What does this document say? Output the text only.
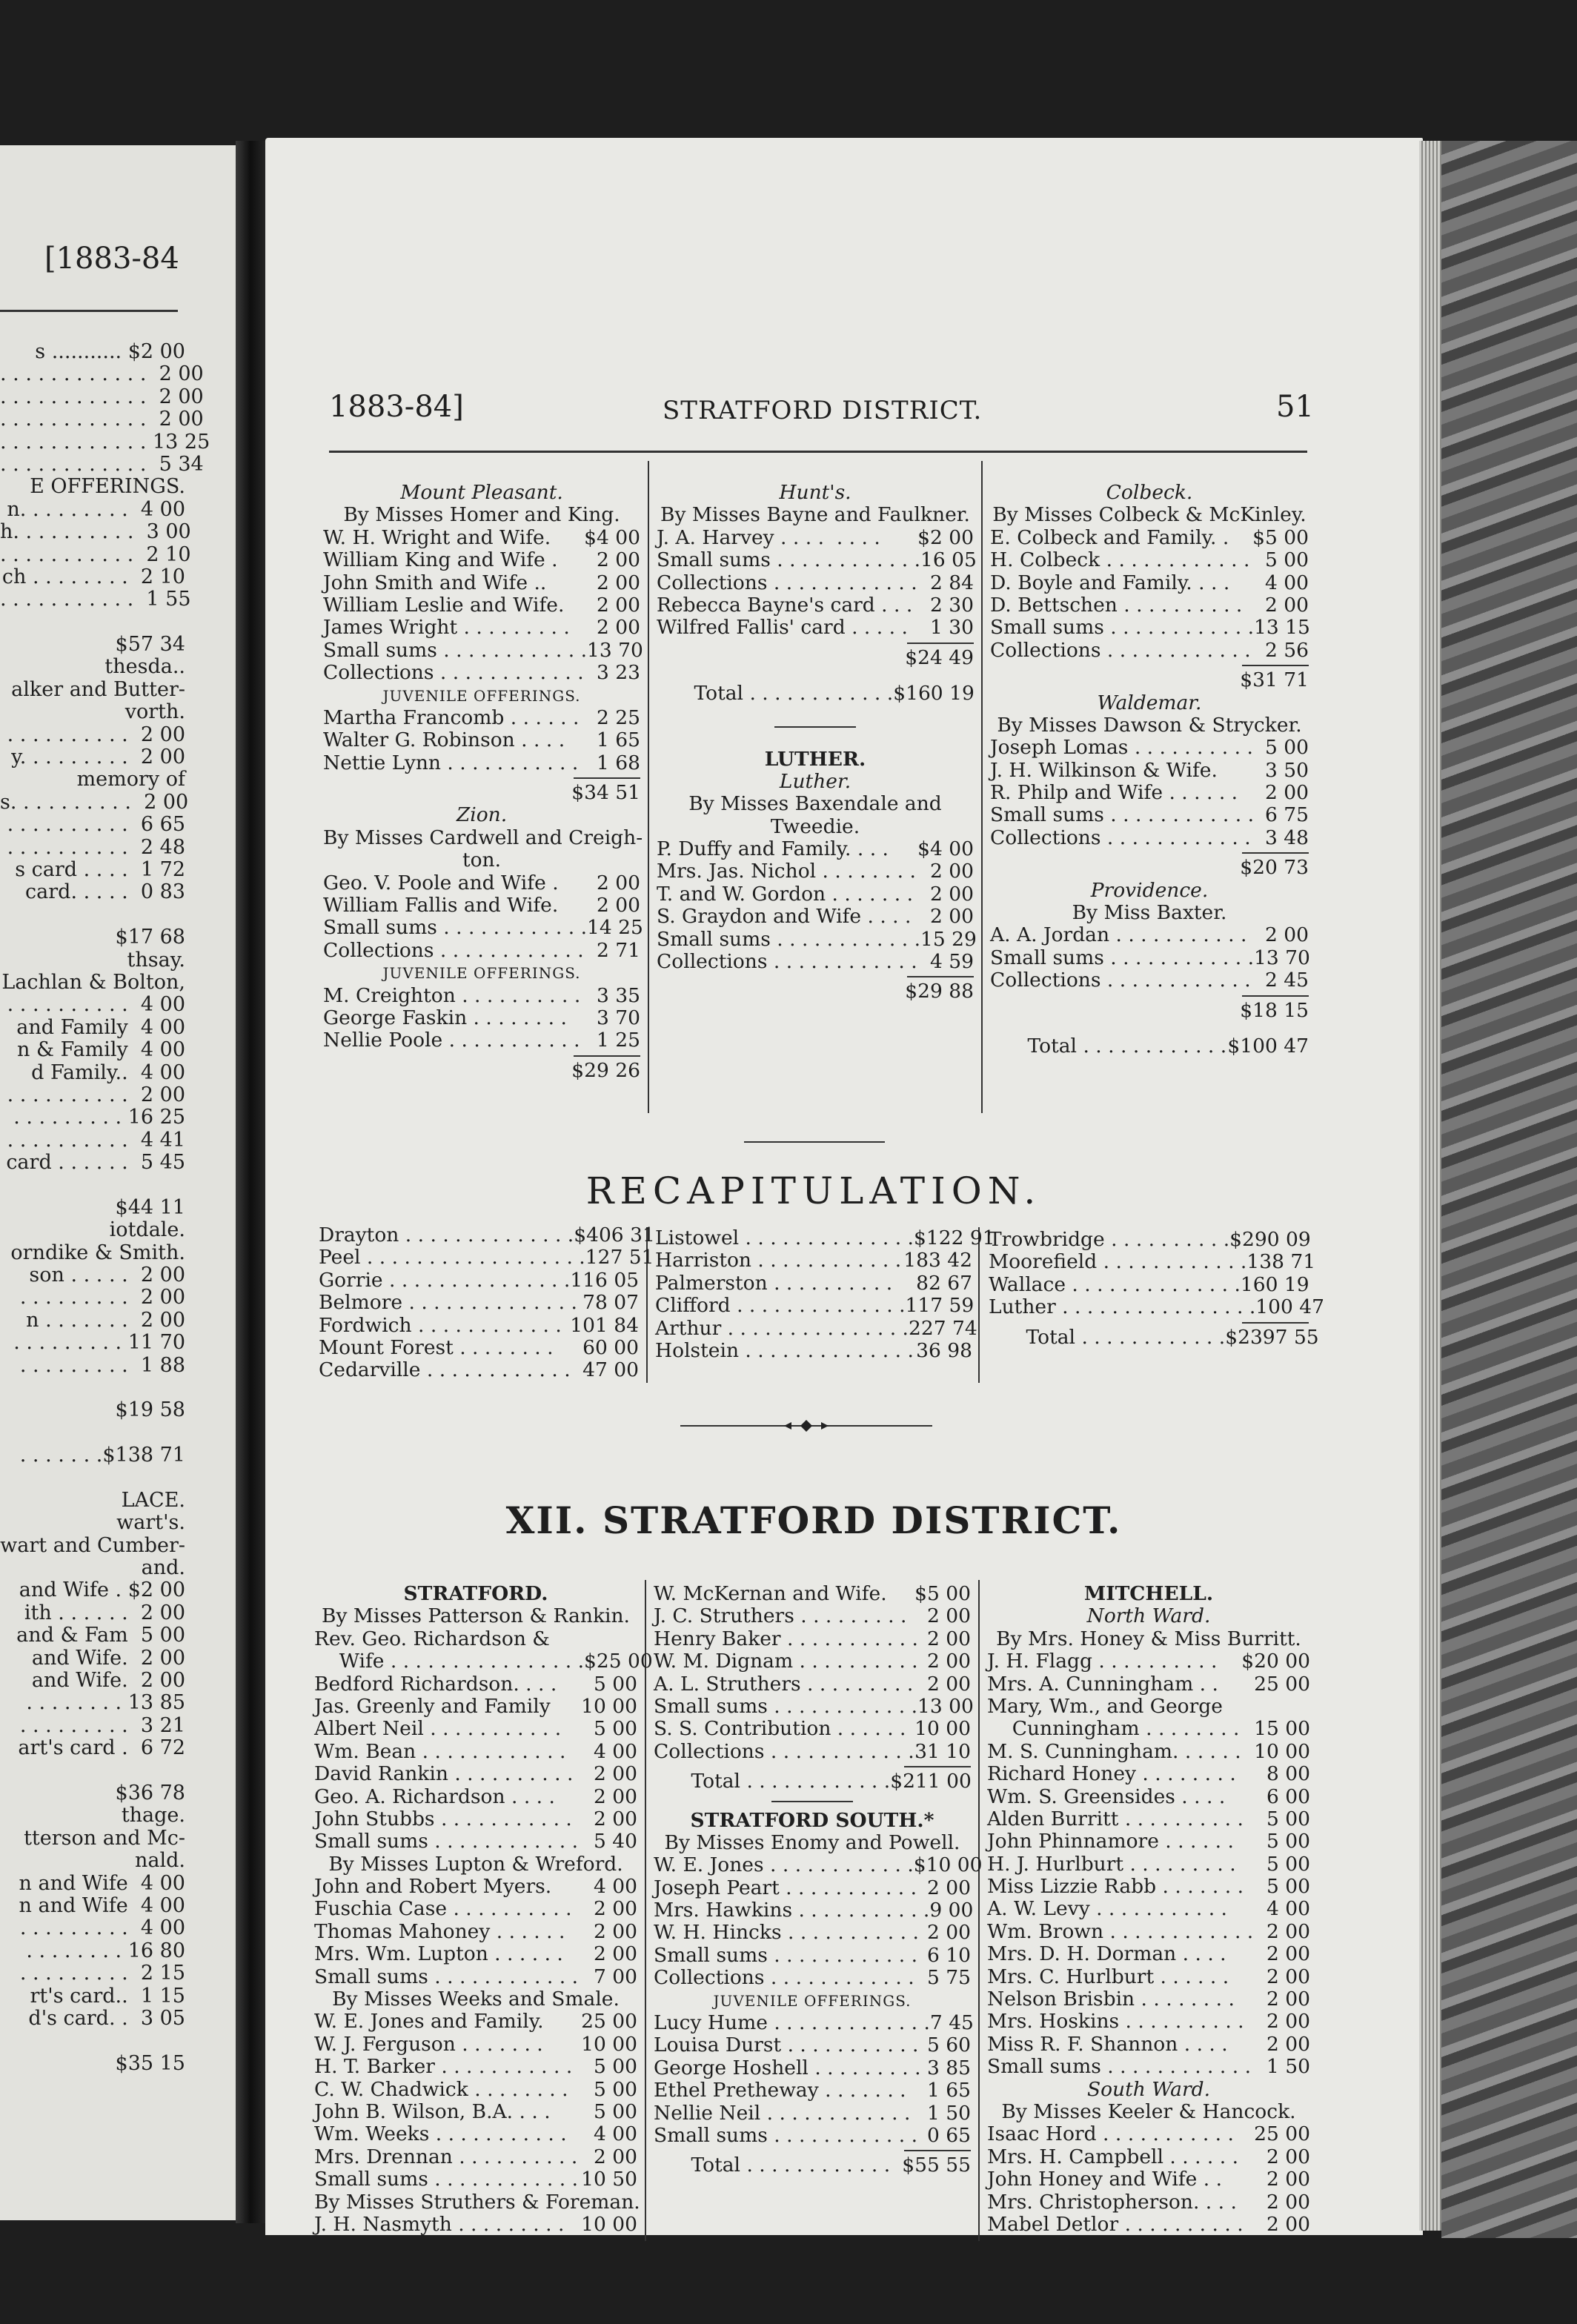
[1883-84
s ........... $2 00
. . . . . . . . . . . .  2 00
. . . . . . . . . . . .  2 00
. . . . . . . . . . . .  2 00
. . . . . . . . . . . . 13 25
. . . . . . . . . . . .  5 34
E OFFERINGS.
n. . . . . . . . .  4 00
h. . . . . . . . . .  3 00
. . . . . . . . . . .  2 10
ch . . . . . . . .  2 10
. . . . . . . . . . .  1 55
$57 34
thesda..
alker and Butter-
vorth.
. . . . . . . . . .  2 00
y. . . . . . . . .  2 00
memory of
s. . . . . . . . . .  2 00
. . . . . . . . . .  6 65
. . . . . . . . . .  2 48
s card . . . .  1 72
card. . . . .  0 83
$17 68
thsay.
Lachlan & Bolton,
. . . . . . . . . .  4 00
and Family  4 00
n & Family  4 00
d Family..  4 00
. . . . . . . . . .  2 00
. . . . . . . . . 16 25
. . . . . . . . . .  4 41
card . . . . . .  5 45
$44 11
iotdale.
orndike & Smith.
son . . . . .  2 00
. . . . . . . . .  2 00
n . . . . . . .  2 00
. . . . . . . . . 11 70
. . . . . . . . .  1 88
$19 58
. . . . . . .$138 71
LACE.
wart's.
wart and Cumber-
and.
and Wife . $2 00
ith . . . . . .  2 00
and & Fam  5 00
and Wife.  2 00
and Wife.  2 00
. . . . . . . . 13 85
. . . . . . . . .  3 21
art's card .  6 72
$36 78
thage.
tterson and Mc-
nald.
n and Wife  4 00
n and Wife  4 00
. . . . . . . . .  4 00
. . . . . . . . 16 80
. . . . . . . . .  2 15
rt's card..  1 15
d's card. .  3 05
$35 15
1883-84]	STRATFORD DISTRICT.	51
Mount Pleasant.
By Misses Homer and King.
W. H. Wright and Wife. $4 00
William King and Wife . 2 00
John Smith and Wife ..	2 00
William Leslie and Wife. 2 00
James Wright . . . . . . . . . 2 00
Small sums . . . . . . . . . . . . 13 70
Collections . . . . . . . . . . . . 3 23
JUVENILE OFFERINGS.
Martha Francomb . . . . . . 2 25
Walter G. Robinson . . . . 1 65
Nettie Lynn . . . . . . . . . . . 1 68
$34 51
Zion.
By Misses Cardwell and Creigh-
ton.
Geo. V. Poole and Wife . 2 00
William Fallis and Wife. 2 00
Small sums . . . . . . . . . . . . 14 25
Collections . . . . . . . . . . . . 2 71
JUVENILE OFFERINGS.
M. Creighton . . . . . . . . . . 3 35
George Faskin . . . . . . . . 3 70
Nellie Poole . . . . . . . . . . . 1 25
$29 26
Hunt's.
By Misses Bayne and Faulkner.
J. A. Harvey . . . .  . . . . $2 00
Small sums . . . . . . . . . . . . 16 05
Collections . . . . . . . . . . . . 2 84
Rebecca Bayne's card . . . 2 30
Wilfred Fallis' card . . . . . 1 30
$24 49
Total . . . . . . . . . . . . $160 19
LUTHER.
Luther.
By Misses Baxendale and
Tweedie.
P. Duffy and Family. . . . $4 00
Mrs. Jas. Nichol . . . . . . . . 2 00
T. and W. Gordon . . . . . . . 2 00
S. Graydon and Wife . . . . 2 00
Small sums . . . . . . . . . . . . 15 29
Collections . . . . . . . . . . . . 4 59
$29 88
Colbeck.
By Misses Colbeck & McKinley.
E. Colbeck and Family. . $5 00
H. Colbeck . . . . . . . . . . . . 5 00
D. Boyle and Family. . . . 4 00
D. Bettschen . . . . . . . . . . 2 00
Small sums . . . . . . . . . . . . 13 15
Collections . . . . . . . . . . . . 2 56
$31 71
Waldemar.
By Misses Dawson & Strycker.
Joseph Lomas . . . . . . . . . . 5 00
J. H. Wilkinson & Wife. 3 50
R. Philp and Wife . . . . . . 2 00
Small sums . . . . . . . . . . . . 6 75
Collections . . . . . . . . . . . . 3 48
$20 73
Providence.
By Miss Baxter.
A. A. Jordan . . . . . . . . . . . 2 00
Small sums . . . . . . . . . . . . 13 70
Collections . . . . . . . . . . . . 2 45
$18 15
Total . . . . . . . . . . . . $100 47
RECAPITULATION.
Drayton . . . . . . . . . . . . . . $406 31
Peel . . . . . . . . . . . . . . . . . . 127 51
Gorrie . . . . . . . . . . . . . . . 116 05
Belmore . . . . . . . . . . . . . . 78 07
Fordwich . . . . . . . . . . . . 101 84
Mount Forest . . . . . . . . 60 00
Cedarville . . . . . . . . . . . . 47 00
Listowel . . . . . . . . . . . . . . $122 91
Harriston . . . . . . . . . . . . 183 42
Palmerston . . . . . . . . . . 82 67
Clifford . . . . . . . . . . . . . . 117 59
Arthur . . . . . . . . . . . . . . . 227 74
Holstein . . . . . . . . . . . . . . 36 98
Trowbridge . . . . . . . . . . $290 09
Moorefield . . . . . . . . . . . . 138 71
Wallace . . . . . . . . . . . . . . 160 19
Luther . . . . . . . . . . . . . . . . 100 47
Total . . . . . . . . . . . . $2397 55
XII. STRATFORD DISTRICT.
STRATFORD.
By Misses Patterson & Rankin.
Rev. Geo. Richardson &
Wife . . . . . . . . . . . . . . . . $25 00
Bedford Richardson. . . . 5 00
Jas. Greenly and Family 10 00
Albert Neil . . . . . . . . . . . 5 00
Wm. Bean . . . . . . . . . . . . 4 00
David Rankin . . . . . . . . . . 2 00
Geo. A. Richardson . . . . 2 00
John Stubbs . . . . . . . . . . . 2 00
Small sums . . . . . . . . . . . . 5 40
By Misses Lupton & Wreford.
John and Robert Myers. 4 00
Fuschia Case . . . . . . . . . . 2 00
Thomas Mahoney . . . . . . 2 00
Mrs. Wm. Lupton . . . . . . 2 00
Small sums . . . . . . . . . . . . 7 00
By Misses Weeks and Smale.
W. E. Jones and Family. 25 00
W. J. Ferguson . . . . . . . 10 00
H. T. Barker . . . . . . . . . . . 5 00
C. W. Chadwick . . . . . . . . 5 00
John B. Wilson, B.A. . . . 5 00
Wm. Weeks . . . . . . . . . . . 4 00
Mrs. Drennan . . . . . . . . . . 2 00
Small sums . . . . . . . . . . . . 10 50
By Misses Struthers & Foreman.
J. H. Nasmyth . . . . . . . . . 10 00
W. McKernan and Wife. $5 00
J. C. Struthers . . . . . . . . . 2 00
Henry Baker . . . . . . . . . . . 2 00
W. M. Dignam . . . . . . . . . . 2 00
A. L. Struthers . . . . . . . . . 2 00
Small sums . . . . . . . . . . . . 13 00
S. S. Contribution . . . . . . 10 00
Collections . . . . . . . . . . . . 31 10
Total . . . . . . . . . . . . $211 00
STRATFORD SOUTH.*
By Misses Enomy and Powell.
W. E. Jones . . . . . . . . . . . . $10 00
Joseph Peart . . . . . . . . . . . 2 00
Mrs. Hawkins . . . . . . . . . . . 9 00
W. H. Hincks . . . . . . . . . . . 2 00
Small sums . . . . . . . . . . . . 6 10
Collections . . . . . . . . . . . . 5 75
JUVENILE OFFERINGS.
Lucy Hume . . . . . . . . . . . . . 7 45
Louisa Durst . . . . . . . . . . . 5 60
George Hoshell . . . . . . . . . 3 85
Ethel Pretheway . . . . . . . 1 65
Nellie Neil . . . . . . . . . . . . 1 50
Small sums . . . . . . . . . . . . 0 65
Total . . . . . . . . . . . . $55 55
MITCHELL.
North Ward.
By Mrs. Honey & Miss Burritt.
J. H. Flagg . . . . . . . . . . $20 00
Mrs. A. Cunningham . . 25 00
Mary, Wm., and George
Cunningham . . . . . . . . 15 00
M. S. Cunningham. . . . . . 10 00
Richard Honey . . . . . . . . 8 00
Wm. S. Greensides . . . . 6 00
Alden Burritt . . . . . . . . . . 5 00
John Phinnamore . . . . . . 5 00
H. J. Hurlburt . . . . . . . . . 5 00
Miss Lizzie Rabb . . . . . . . 5 00
A. W. Levy . . . . . . . . . . . 4 00
Wm. Brown . . . . . . . . . . . . 2 00
Mrs. D. H. Dorman . . . . 2 00
Mrs. C. Hurlburt . . . . . . 2 00
Nelson Brisbin . . . . . . . . 2 00
Mrs. Hoskins . . . . . . . . . . 2 00
Miss R. F. Shannon . . . . 2 00
Small sums . . . . . . . . . . . . 1 50
South Ward.
By Misses Keeler & Hancock.
Isaac Hord . . . . . . . . . . . 25 00
Mrs. H. Campbell . . . . . . 2 00
John Honey and Wife . . 2 00
Mrs. Christopherson. . . . 2 00
Mabel Detlor . . . . . . . . . . 2 00
